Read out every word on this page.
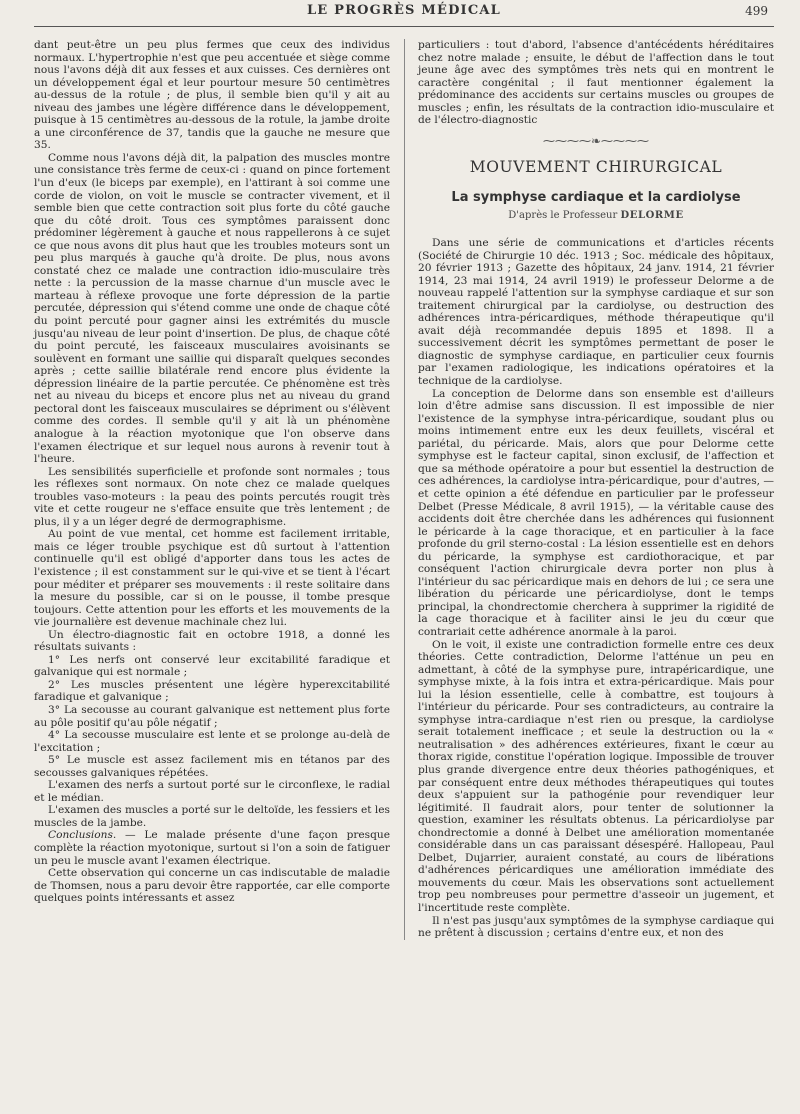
LE PROGRÈS MÉDICAL	499

dant peut-être un peu plus fermes que ceux des individus normaux. L'hypertrophie n'est que peu accentuée et siège comme nous l'avons déjà dit aux fesses et aux cuisses. Ces dernières ont un développement égal et leur pourtour mesure 50 centimètres au-dessus de la rotule ; de plus, il semble bien qu'il y ait au niveau des jambes une légère différence dans le développement, puisque à 15 centimètres au-dessous de la rotule, la jambe droite a une circonférence de 37, tandis que la gauche ne mesure que 35.

Comme nous l'avons déjà dit, la palpation des muscles montre une consistance très ferme de ceux-ci : quand on pince fortement l'un d'eux (le biceps par exemple), en l'attirant à soi comme une corde de violon, on voit le muscle se contracter vivement, et il semble bien que cette contraction soit plus forte du côté gauche que du côté droit. Tous ces symptômes paraissent donc prédominer légèrement à gauche et nous rappellerons à ce sujet ce que nous avons dit plus haut que les troubles moteurs sont un peu plus marqués à gauche qu'à droite. De plus, nous avons constaté chez ce malade une contraction idio-musculaire très nette : la percussion de la masse charnue d'un muscle avec le marteau à réflexe provoque une forte dépression de la partie percutée, dépression qui s'étend comme une onde de chaque côté du point percuté pour gagner ainsi les extrémités du muscle jusqu'au niveau de leur point d'insertion. De plus, de chaque côté du point percuté, les faisceaux musculaires avoisinants se soulèvent en formant une saillie qui disparaît quelques secondes après ; cette saillie bilatérale rend encore plus évidente la dépression linéaire de la partie percutée. Ce phénomène est très net au niveau du biceps et encore plus net au niveau du grand pectoral dont les faisceaux musculaires se dépriment ou s'élèvent comme des cordes. Il semble qu'il y ait là un phénomène analogue à la réaction myotonique que l'on observe dans l'examen électrique et sur lequel nous aurons à revenir tout à l'heure.

Les sensibilités superficielle et profonde sont normales ; tous les réflexes sont normaux. On note chez ce malade quelques troubles vaso-moteurs : la peau des points percutés rougit très vite et cette rougeur ne s'efface ensuite que très lentement ; de plus, il y a un léger degré de dermographisme.

Au point de vue mental, cet homme est facilement irritable, mais ce léger trouble psychique est dû surtout à l'attention continuelle qu'il est obligé d'apporter dans tous les actes de l'existence ; il est constamment sur le qui-vive et se tient à l'écart pour méditer et préparer ses mouvements : il reste solitaire dans la mesure du possible, car si on le pousse, il tombe presque toujours. Cette attention pour les efforts et les mouvements de la vie journalière est devenue machinale chez lui.

Un électro-diagnostic fait en octobre 1918, a donné les résultats suivants :

1° Les nerfs ont conservé leur excitabilité faradique et galvanique qui est normale ;

2° Les muscles présentent une légère hyperexcitabilité faradique et galvanique ;

3° La secousse au courant galvanique est nettement plus forte au pôle positif qu'au pôle négatif ;

4° La secousse musculaire est lente et se prolonge au-delà de l'excitation ;

5° Le muscle est assez facilement mis en tétanos par des secousses galvaniques répétées.

L'examen des nerfs a surtout porté sur le circonflexe, le radial et le médian.

L'examen des muscles a porté sur le deltoïde, les fessiers et les muscles de la jambe.

Conclusions. — Le malade présente d'une façon presque complète la réaction myotonique, surtout si l'on a soin de fatiguer un peu le muscle avant l'examen électrique.

Cette observation qui concerne un cas indiscutable de maladie de Thomsen, nous a paru devoir être rapportée, car elle comporte quelques points intéressants et assez

particuliers : tout d'abord, l'absence d'antécédents héréditaires chez notre malade ; ensuite, le début de l'affection dans le tout jeune âge avec des symptômes très nets qui en montrent le caractère congénital ; il faut mentionner également la prédominance des accidents sur certains muscles ou groupes de muscles ; enfin, les résultats de la contraction idio-musculaire et de l'électro-diagnostic

⁓⁓⁓⁓❧⁓⁓⁓⁓
MOUVEMENT CHIRURGICAL
La symphyse cardiaque et la cardiolyse
D'après le Professeur DELORME

Dans une série de communications et d'articles récents (Société de Chirurgie 10 déc. 1913 ; Soc. médicale des hôpitaux, 20 février 1913 ; Gazette des hôpitaux, 24 janv. 1914, 21 février 1914, 23 mai 1914, 24 avril 1919) le professeur Delorme a de nouveau rappelé l'attention sur la symphyse cardiaque et sur son traitement chirurgical par la cardiolyse, ou destruction des adhérences intra-péricardiques, méthode thérapeutique qu'il avait déjà recommandée depuis 1895 et 1898. Il a successivement décrit les symptômes permettant de poser le diagnostic de symphyse cardiaque, en particulier ceux fournis par l'examen radiologique, les indications opératoires et la technique de la cardiolyse.

La conception de Delorme dans son ensemble est d'ailleurs loin d'être admise sans discussion. Il est impossible de nier l'existence de la symphyse intra-péricardique, soudant plus ou moins intimement entre eux les deux feuillets, viscéral et pariétal, du péricarde. Mais, alors que pour Delorme cette symphyse est le facteur capital, sinon exclusif, de l'affection et que sa méthode opératoire a pour but essentiel la destruction de ces adhérences, la cardiolyse intra-péricardique, pour d'autres, — et cette opinion a été défendue en particulier par le professeur Delbet (Presse Médicale, 8 avril 1915), — la véritable cause des accidents doit être cherchée dans les adhérences qui fusionnent le péricarde à la cage thoracique, et en particulier à la face profonde du gril sterno-costal : La lésion essentielle est en dehors du péricarde, la symphyse est cardiothoracique, et par conséquent l'action chirurgicale devra porter non plus à l'intérieur du sac péricardique mais en dehors de lui ; ce sera une libération du péricarde une péricardiolyse, dont le temps principal, la chondrectomie cherchera à supprimer la rigidité de la cage thoracique et à faciliter ainsi le jeu du cœur que contrariait cette adhérence anormale à la paroi.

On le voit, il existe une contradiction formelle entre ces deux théories. Cette contradiction, Delorme l'atténue un peu en admettant, à côté de la symphyse pure, intrapéricardique, une symphyse mixte, à la fois intra et extra-péricardique. Mais pour lui la lésion essentielle, celle à combattre, est toujours à l'intérieur du péricarde. Pour ses contradicteurs, au contraire la symphyse intra-cardiaque n'est rien ou presque, la cardiolyse serait totalement inefficace ; et seule la destruction ou la « neutralisation » des adhérences extérieures, fixant le cœur au thorax rigide, constitue l'opération logique. Impossible de trouver plus grande divergence entre deux théories pathogéniques, et par conséquent entre deux méthodes thérapeutiques qui toutes deux s'appuient sur la pathogénie pour revendiquer leur légitimité. Il faudrait alors, pour tenter de solutionner la question, examiner les résultats obtenus. La péricardiolyse par chondrectomie a donné à Delbet une amélioration momentanée considérable dans un cas paraissant désespéré. Hallopeau, Paul Delbet, Dujarrier, auraient constaté, au cours de libérations d'adhérences péricardiques une amélioration immédiate des mouvements du cœur. Mais les observations sont actuellement trop peu nombreuses pour permettre d'asseoir un jugement, et l'incertitude reste complète.

Il n'est pas jusqu'aux symptômes de la symphyse cardiaque qui ne prêtent à discussion ; certains d'entre eux, et non des
